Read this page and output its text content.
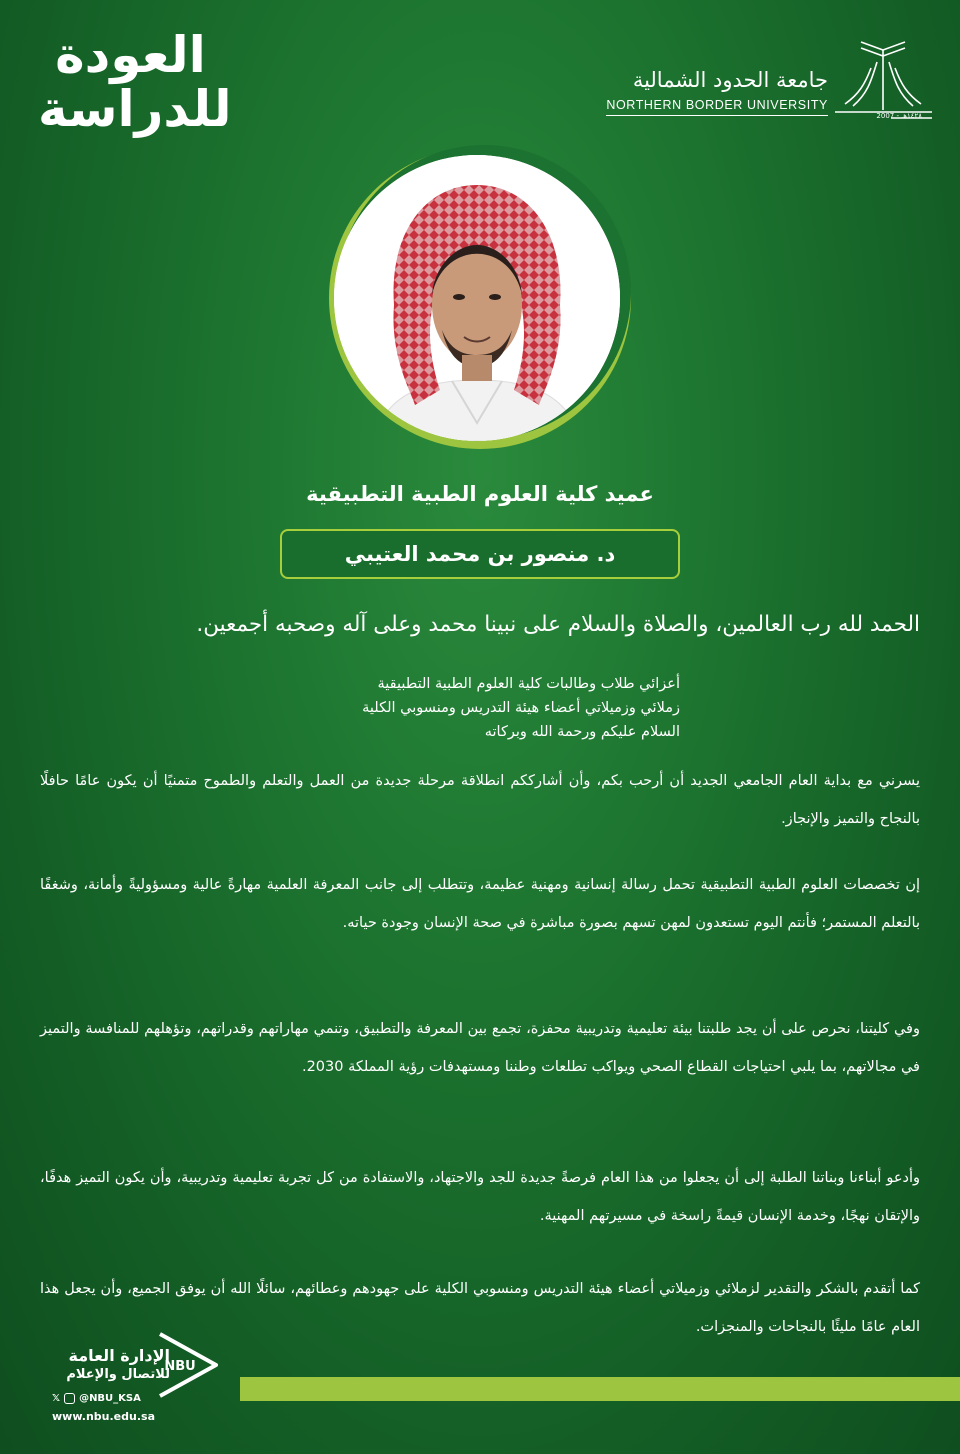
العودة
للدراسة	جامعة الحدود الشمالية
NORTHERN BORDER UNIVERSITY
2007 - ١٤٢٨هـ
عميد كلية العلوم الطبية التطبيقية
د. منصور بن محمد العتيبي
الحمد لله رب العالمين، والصلاة والسلام على نبينا محمد وعلى آله وصحبه أجمعين.
أعزائي طلاب وطالبات كلية العلوم الطبية التطبيقية
زملائي وزميلاتي أعضاء هيئة التدريس ومنسوبي الكلية
السلام عليكم ورحمة الله وبركاته
يسرني مع بداية العام الجامعي الجديد أن أرحب بكم، وأن أشارككم انطلاقة مرحلة جديدة من العمل والتعلم والطموح متمنيًا أن يكون عامًا حافلًا بالنجاح والتميز والإنجاز.
إن تخصصات العلوم الطبية التطبيقية تحمل رسالة إنسانية ومهنية عظيمة، وتتطلب إلى جانب المعرفة العلمية مهارةً عالية ومسؤوليةً وأمانة، وشغفًا بالتعلم المستمر؛ فأنتم اليوم تستعدون لمهن تسهم بصورة مباشرة في صحة الإنسان وجودة حياته.
وفي كليتنا، نحرص على أن يجد طلبتنا بيئة تعليمية وتدريبية محفزة، تجمع بين المعرفة والتطبيق، وتنمي مهاراتهم وقدراتهم، وتؤهلهم للمنافسة والتميز في مجالاتهم، بما يلبي احتياجات القطاع الصحي ويواكب تطلعات وطننا ومستهدفات رؤية المملكة 2030.
وأدعو أبناءنا وبناتنا الطلبة إلى أن يجعلوا من هذا العام فرصةً جديدة للجد والاجتهاد، والاستفادة من كل تجربة تعليمية وتدريبية، وأن يكون التميز هدفًا، والإتقان نهجًا، وخدمة الإنسان قيمةً راسخة في مسيرتهم المهنية.
كما أتقدم بالشكر والتقدير لزملائي وزميلاتي أعضاء هيئة التدريس ومنسوبي الكلية على جهودهم وعطائهم، سائلًا الله أن يوفق الجميع، وأن يجعل هذا العام عامًا مليئًا بالنجاحات والمنجزات.
الإدارة العامة
للاتصال والإعلام
𝕏 @NBU_KSA
www.nbu.edu.sa
NBU
